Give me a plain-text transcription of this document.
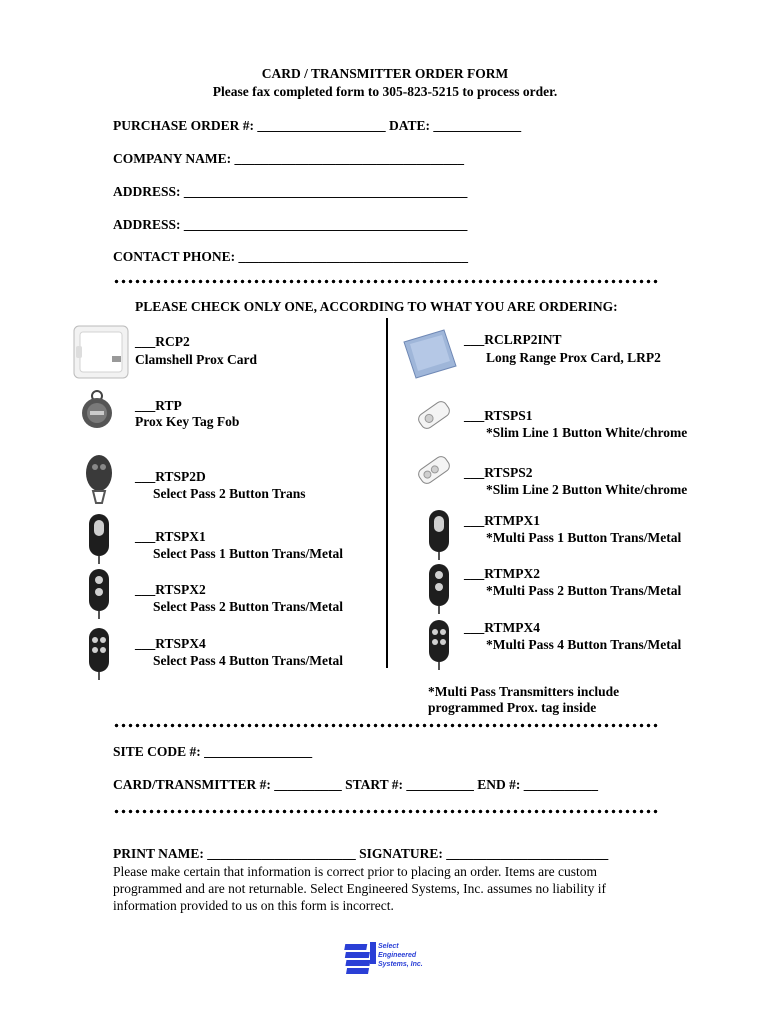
CARD / TRANSMITTER ORDER FORM
Please fax completed form to 305-823-5215 to process order.
PURCHASE ORDER #: ___________________ DATE: _____________
COMPANY NAME: __________________________________
ADDRESS: __________________________________________
ADDRESS: __________________________________________
CONTACT PHONE: __________________________________
PLEASE CHECK ONLY ONE, ACCORDING TO WHAT YOU ARE ORDERING:
___RCP2
Clamshell Prox Card
___RTP
Prox Key Tag Fob
___RTSP2D
Select Pass 2 Button Trans
___RTSPX1
Select Pass 1 Button Trans/Metal
___RTSPX2
Select Pass 2 Button Trans/Metal
___RTSPX4
Select Pass 4 Button Trans/Metal
___RCLRP2INT
Long Range Prox Card, LRP2
___RTSPS1
*Slim Line 1 Button White/chrome
___RTSPS2
*Slim Line 2 Button White/chrome
___RTMPX1
*Multi Pass 1 Button Trans/Metal
___RTMPX2
*Multi Pass 2 Button Trans/Metal
___RTMPX4
*Multi Pass 4 Button Trans/Metal
*Multi Pass Transmitters include
programmed Prox. tag inside
SITE CODE #: ________________
CARD/TRANSMITTER #: __________ START #: __________ END #: ___________
PRINT NAME: ______________________ SIGNATURE: ________________________
Please make certain that information is correct prior to placing an order. Items are custom
programmed and are not returnable. Select Engineered Systems, Inc. assumes no liability if
information provided to us on this form is incorrect.
Select
Engineered
Systems, Inc.
